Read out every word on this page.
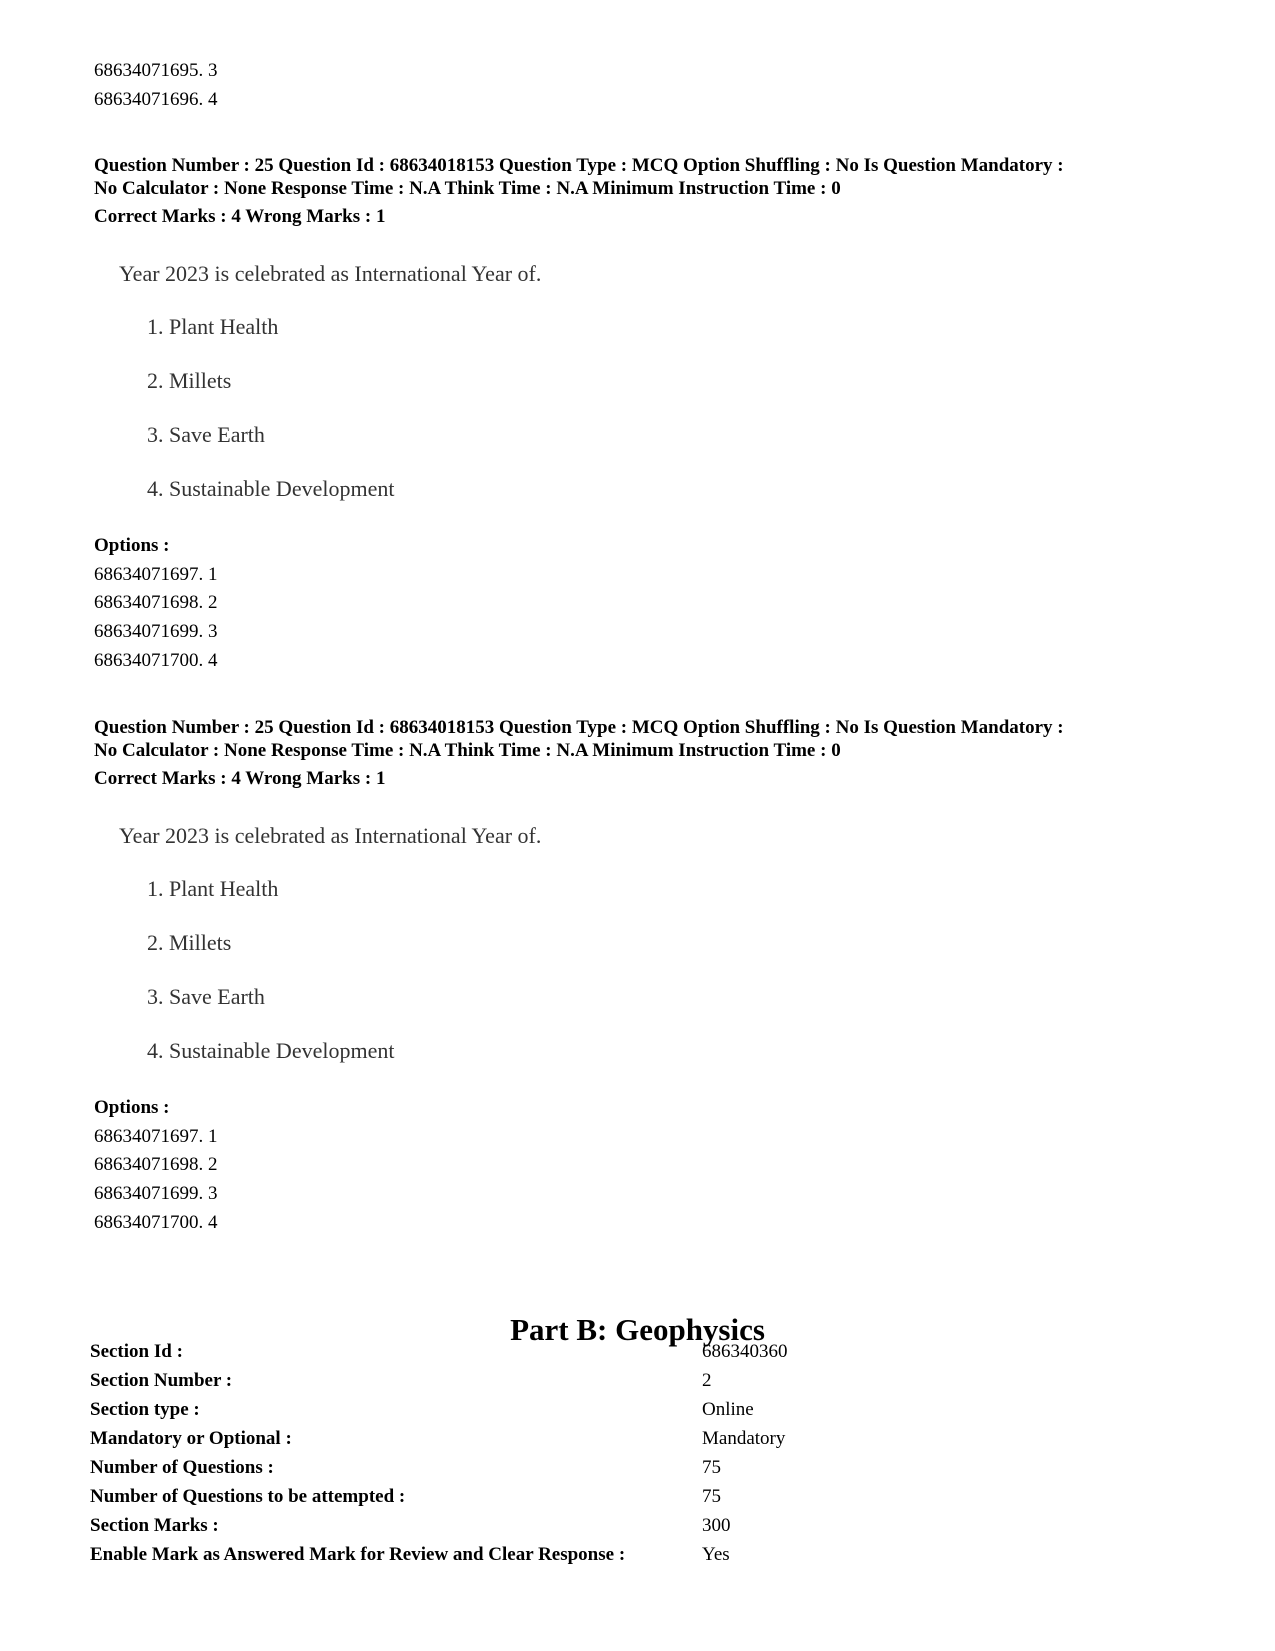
68634071695. 3
68634071696. 4
Question Number : 25 Question Id : 68634018153 Question Type : MCQ Option Shuffling : No Is Question Mandatory :
No Calculator : None Response Time : N.A Think Time : N.A Minimum Instruction Time : 0
Correct Marks : 4 Wrong Marks : 1
Year 2023 is celebrated as International Year of.
1. Plant Health
2. Millets
3. Save Earth
4. Sustainable Development
Options :
68634071697. 1
68634071698. 2
68634071699. 3
68634071700. 4
Question Number : 25 Question Id : 68634018153 Question Type : MCQ Option Shuffling : No Is Question Mandatory :
No Calculator : None Response Time : N.A Think Time : N.A Minimum Instruction Time : 0
Correct Marks : 4 Wrong Marks : 1
Year 2023 is celebrated as International Year of.
1. Plant Health
2. Millets
3. Save Earth
4. Sustainable Development
Options :
68634071697. 1
68634071698. 2
68634071699. 3
68634071700. 4
Part B: Geophysics
Section Id :	686340360
Section Number :	2
Section type :	Online
Mandatory or Optional :	Mandatory
Number of Questions :	75
Number of Questions to be attempted :	75
Section Marks :	300
Enable Mark as Answered Mark for Review and Clear Response :	Yes
